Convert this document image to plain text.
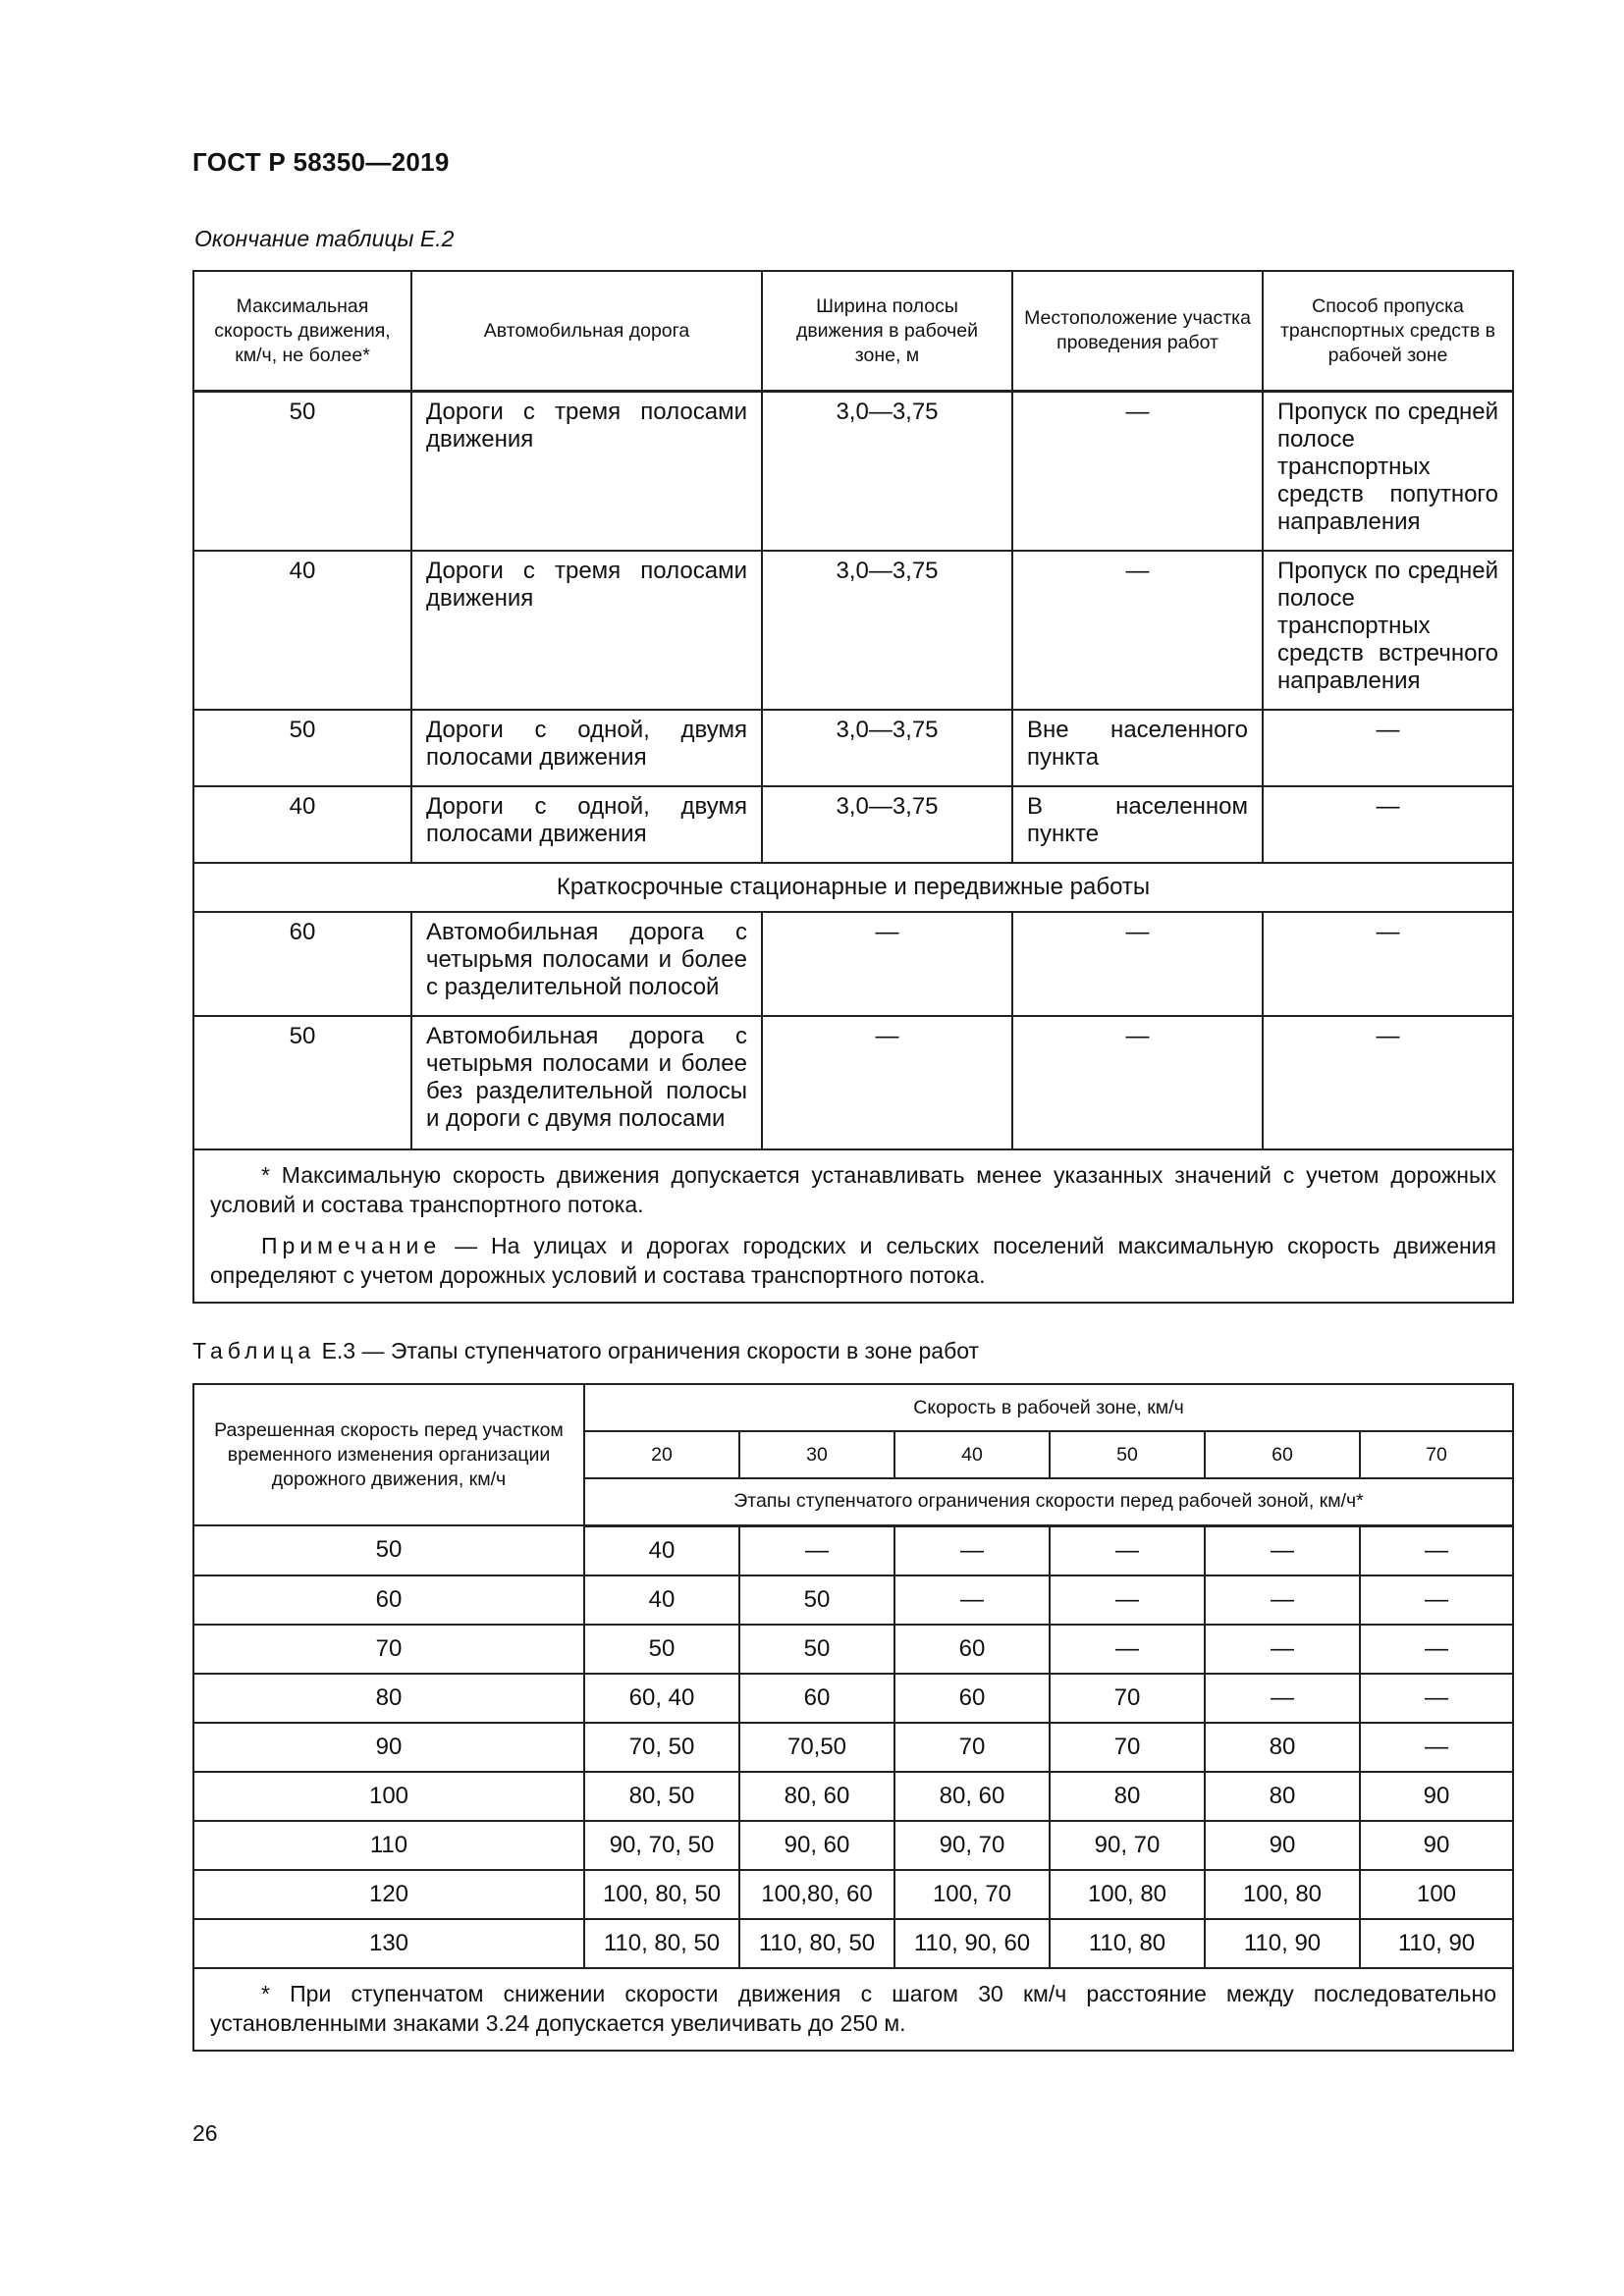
ГОСТ Р 58350—2019
Окончание таблицы Е.2
Максимальная скорость движения, км/ч, не более*	Автомобильная дорога	Ширина полосы движения в рабочей зоне, м	Местоположение участка проведения работ	Способ пропуска транспортных средств в рабочей зоне
50	Дороги с тремя полосами движения	3,0—3,75	—	Пропуск по средней полосе транспортных средств попутного направления
40	Дороги с тремя полосами движения	3,0—3,75	—	Пропуск по средней полосе транспортных средств встречного направления
50	Дороги с одной, двумя полосами движения	3,0—3,75	Вне населенного пункта	—
40	Дороги с одной, двумя полосами движения	3,0—3,75	В населенном пункте	—
Краткосрочные стационарные и передвижные работы				
60	Автомобильная дорога с четырьмя полосами и более с разделительной полосой	—	—	—
50	Автомобильная дорога с четырьмя полосами и более без разделительной полосы и дороги с двумя полосами	—	—	—

* Максимальную скорость движения допускается устанавливать менее указанных значений с учетом дорожных условий и состава транспортного потока.

Примечание — На улицах и дорогах городских и сельских поселений максимальную скорость движения определяют с учетом дорожных условий и состава транспортного потока.				

Таблица Е.3 — Этапы ступенчатого ограничения скорости в зоне работ
Разрешенная скорость перед участком временного изменения организации дорожного движения, км/ч	Скорость в рабочей зоне, км/ч					
	20	30	40	50	60	70
	Этапы ступенчатого ограничения скорости перед рабочей зоной, км/ч*					
50	40	—	—	—	—	—
60	40	50	—	—	—	—
70	50	50	60	—	—	—
80	60, 40	60	60	70	—	—
90	70, 50	70,50	70	70	80	—
100	80, 50	80, 60	80, 60	80	80	90
110	90, 70, 50	90, 60	90, 70	90, 70	90	90
120	100, 80, 50	100,80, 60	100, 70	100, 80	100, 80	100
130	110, 80, 50	110, 80, 50	110, 90, 60	110, 80	110, 90	110, 90

* При ступенчатом снижении скорости движения с шагом 30 км/ч расстояние между последовательно установленными знаками 3.24 допускается увеличивать до 250 м.						

26
